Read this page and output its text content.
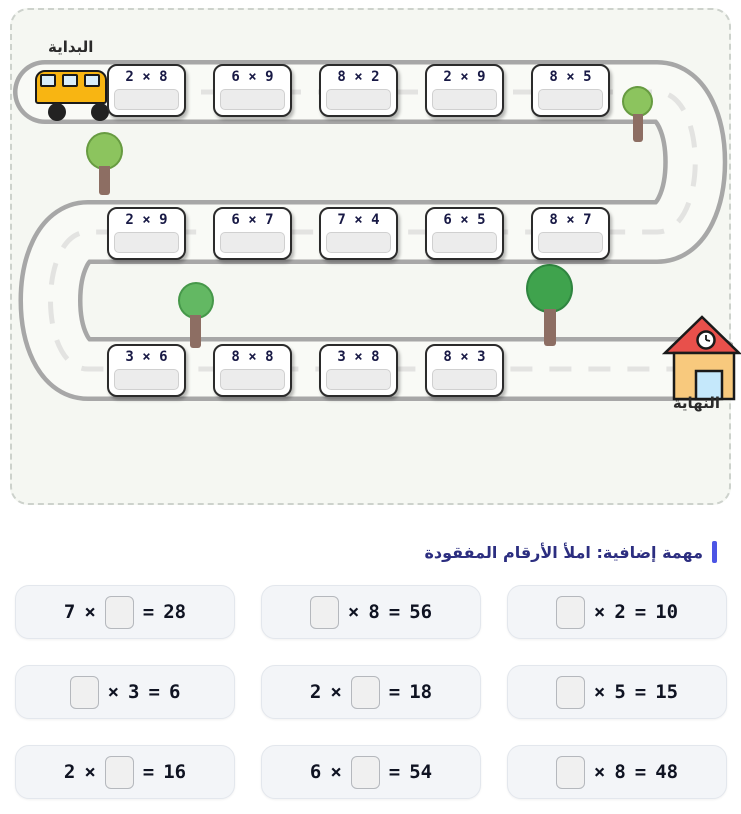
البداية
2 × 8	6 × 9	8 × 2	2 × 9	8 × 5
2 × 9	6 × 7	7 × 4	6 × 5	8 × 7
3 × 6	8 × 8	3 × 8	8 × 3
النهاية
مهمة إضافية: املأ الأرقام المفقودة
7 × = 28	× 8 = 56	× 2 = 10
× 3 = 6	2 × = 18	× 5 = 15
2 × = 16	6 × = 54	× 8 = 48
